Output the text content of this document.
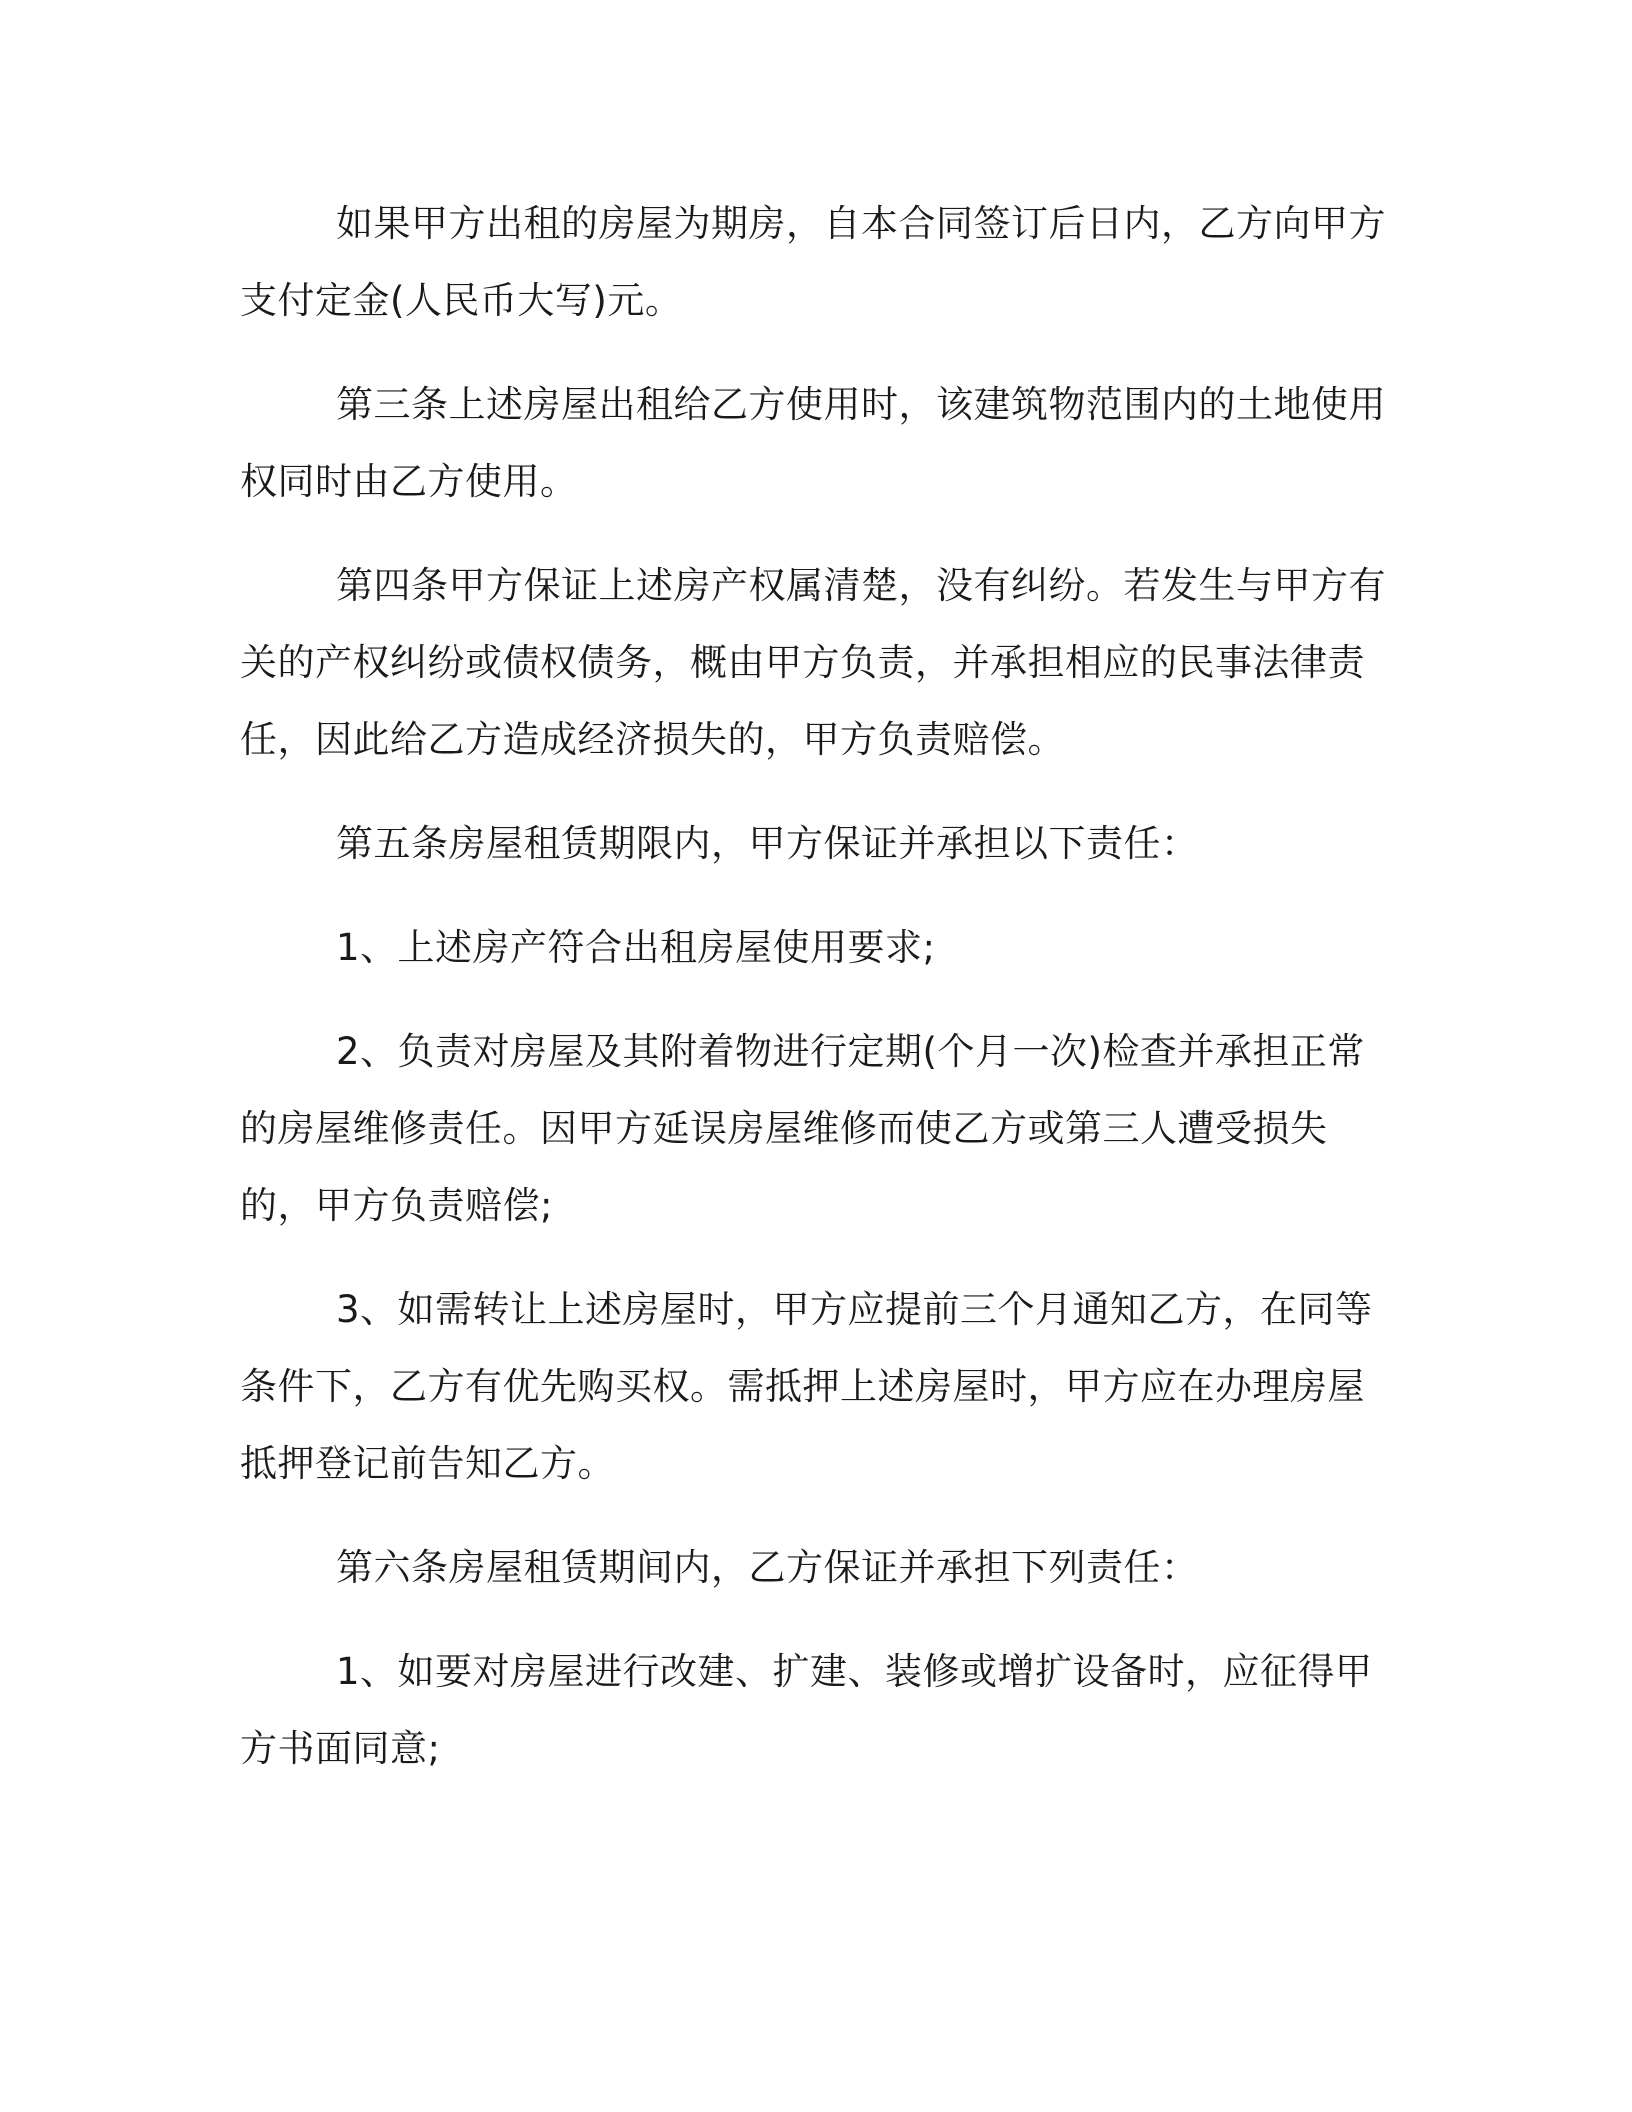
如果甲方出租的房屋为期房，自本合同签订后日内，乙方向甲方支付定金(人民币大写)元。

第三条上述房屋出租给乙方使用时，该建筑物范围内的土地使用权同时由乙方使用。

第四条甲方保证上述房产权属清楚，没有纠纷。若发生与甲方有关的产权纠纷或债权债务，概由甲方负责，并承担相应的民事法律责任，因此给乙方造成经济损失的，甲方负责赔偿。

第五条房屋租赁期限内，甲方保证并承担以下责任：

1、上述房产符合出租房屋使用要求;

2、负责对房屋及其附着物进行定期(个月一次)检查并承担正常的房屋维修责任。因甲方延误房屋维修而使乙方或第三人遭受损失的，甲方负责赔偿;

3、如需转让上述房屋时，甲方应提前三个月通知乙方，在同等条件下，乙方有优先购买权。需抵押上述房屋时，甲方应在办理房屋抵押登记前告知乙方。

第六条房屋租赁期间内，乙方保证并承担下列责任：

1、如要对房屋进行改建、扩建、装修或增扩设备时，应征得甲方书面同意;
